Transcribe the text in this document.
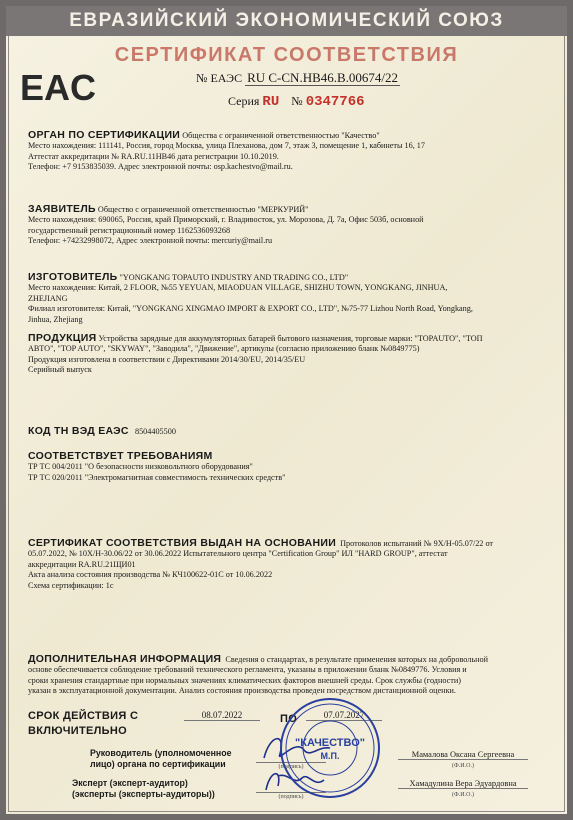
ЕВРАЗИЙСКИЙ ЭКОНОМИЧЕСКИЙ СОЮЗ
СЕРТИФИКАТ СООТВЕТСТВИЯ
EAC	№ ЕАЭС RU С-CN.НВ46.В.00674/22
Серия RU № 0347766
ОРГАН ПО СЕРТИФИКАЦИИ Общества с ограниченной ответственностью "Качество"
Место нахождения: 111141, Россия, город Москва, улица Плеханова, дом 7, этаж 3, помещение 1, кабинеты 16, 17
Аттестат аккредитации № RA.RU.11НВ46 дата регистрации 10.10.2019.
Телефон: +7 9153835039. Адрес электронной почты: osp.kachestvo@mail.ru.
ЗАЯВИТЕЛЬ Общество с ограниченной ответственностью "МЕРКУРИЙ"
Место нахождения: 690065, Россия, край Приморский, г. Владивосток, ул. Морозова, Д. 7а, Офис 503б, основной
государственный регистрационный номер 1162536093268
Телефон: +74232998072, Адрес электронной почты: mercuriy@mail.ru
ИЗГОТОВИТЕЛЬ "YONGKANG TOPAUTO INDUSTRY AND TRADING CO., LTD"
Место нахождения: Китай, 2 FLOOR, №55 YEYUAN, MIAODUAN VILLAGE, SHIZHU TOWN, YONGKANG, JINHUA,
ZHEJIANG
Филиал изготовителя: Китай, "YONGKANG XINGMAO IMPORT & EXPORT CO., LTD", №75-77 Lizhou North Road, Yongkang,
Jinhua, Zhejiang
ПРОДУКЦИЯ Устройства зарядные для аккумуляторных батарей бытового назначения, торговые марки: "TOPAUTO", "ТОП
АВТО", "TOP AUTO", "SKYWAY", "Заводила", "Движение", артикулы (согласно приложению бланк №0849775)
Продукция изготовлена в соответствии с Директивами 2014/30/EU, 2014/35/EU
Серийный выпуск
КОД ТН ВЭД ЕАЭС 8504405500
СООТВЕТСТВУЕТ ТРЕБОВАНИЯМ
ТР ТС 004/2011 "О безопасности низковольтного оборудования"
ТР ТС 020/2011 "Электромагнитная совместимость технических средств"
СЕРТИФИКАТ СООТВЕТСТВИЯ ВЫДАН НА ОСНОВАНИИ Протоколов испытаний № 9X/H-05.07/22 от
05.07.2022, № 10X/H-30.06/22 от 30.06.2022 Испытательного центра "Certification Group" ИЛ "HARD GROUP", аттестат
аккредитации RA.RU.21ЩИ01
Акта анализа состояния производства № КЧ100622-01С от 10.06.2022
Схема сертификации: 1с
ДОПОЛНИТЕЛЬНАЯ ИНФОРМАЦИЯ Сведения о стандартах, в результате применения которых на добровольной
основе обеспечивается соблюдение требований технического регламента, указаны в приложении бланк №0849776. Условия и
сроки хранения стандартные при нормальных значениях климатических факторов внешней среды. Срок службы (годности)
указан в эксплуатационной документации. Анализ состояния производства проведен посредством дистанционной оценки.
СРОК ДЕЙСТВИЯ С
ВКЛЮЧИТЕЛЬНО
08.07.2022	ПО	07.07.2027
Руководитель (уполномоченное
лицо) органа по сертификации	(подпись)
Мамалова Оксана Сергеевна
(Ф.И.О.)
Эксперт (эксперт-аудитор)
(эксперты (эксперты-аудиторы))	(подпись)
Хамадулина Вера Эдуардовна
(Ф.И.О.)
"КАЧЕСТВО"
М.П.
